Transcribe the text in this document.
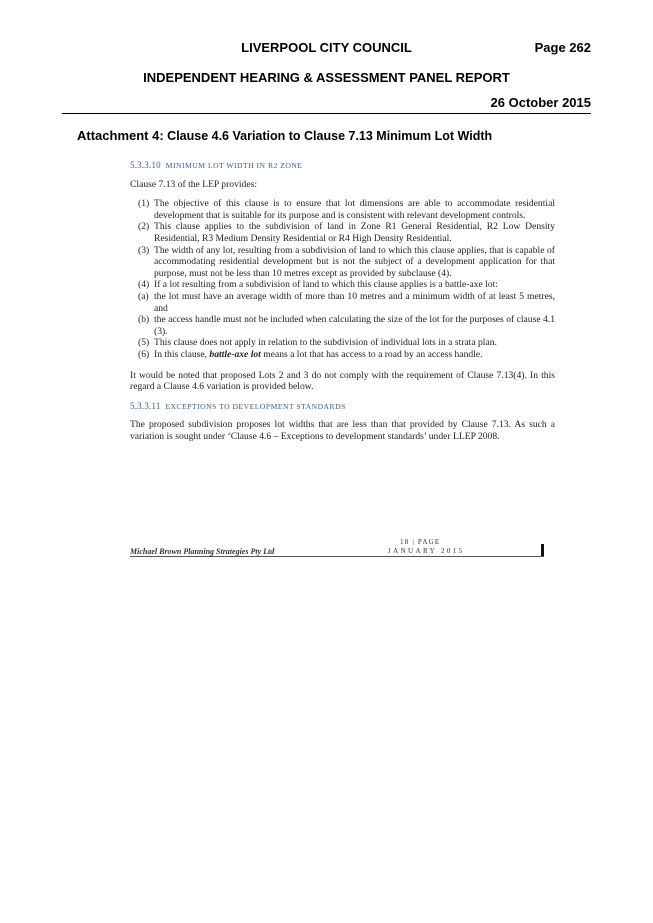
LIVERPOOL CITY COUNCIL	Page 262
INDEPENDENT HEARING & ASSESSMENT PANEL REPORT
26 October 2015
Attachment 4: Clause 4.6 Variation to Clause 7.13 Minimum Lot Width
5.3.3.10 MINIMUM LOT WIDTH IN R2 ZONE

Clause 7.13 of the LEP provides:

(1) The objective of this clause is to ensure that lot dimensions are able to accommodate residential development that is suitable for its purpose and is consistent with relevant development controls.
(2) This clause applies to the subdivision of land in Zone R1 General Residential, R2 Low Density Residential, R3 Medium Density Residential or R4 High Density Residential.
(3) The width of any lot, resulting from a subdivision of land to which this clause applies, that is capable of accommodating residential development but is not the subject of a development application for that purpose, must not be less than 10 metres except as provided by subclause (4).
(4) If a lot resulting from a subdivision of land to which this clause applies is a battle-axe lot:
(a) the lot must have an average width of more than 10 metres and a minimum width of at least 5 metres, and
(b) the access handle must not be included when calculating the size of the lot for the purposes of clause 4.1 (3).
(5) This clause does not apply in relation to the subdivision of individual lots in a strata plan.
(6) In this clause, battle-axe lot means a lot that has access to a road by an access handle.

It would be noted that proposed Lots 2 and 3 do not comply with the requirement of Clause 7.13(4). In this regard a Clause 4.6 variation is provided below.

5.3.3.11 EXCEPTIONS TO DEVELOPMENT STANDARDS

The proposed subdivision proposes lot widths that are less than that provided by Clause 7.13. As such a variation is sought under ‘Clause 4.6 – Exceptions to development standards’ under LLEP 2008.

18 | PAGE
Michael Brown Planning Strategies Pty Ltd	JANUARY 2015
